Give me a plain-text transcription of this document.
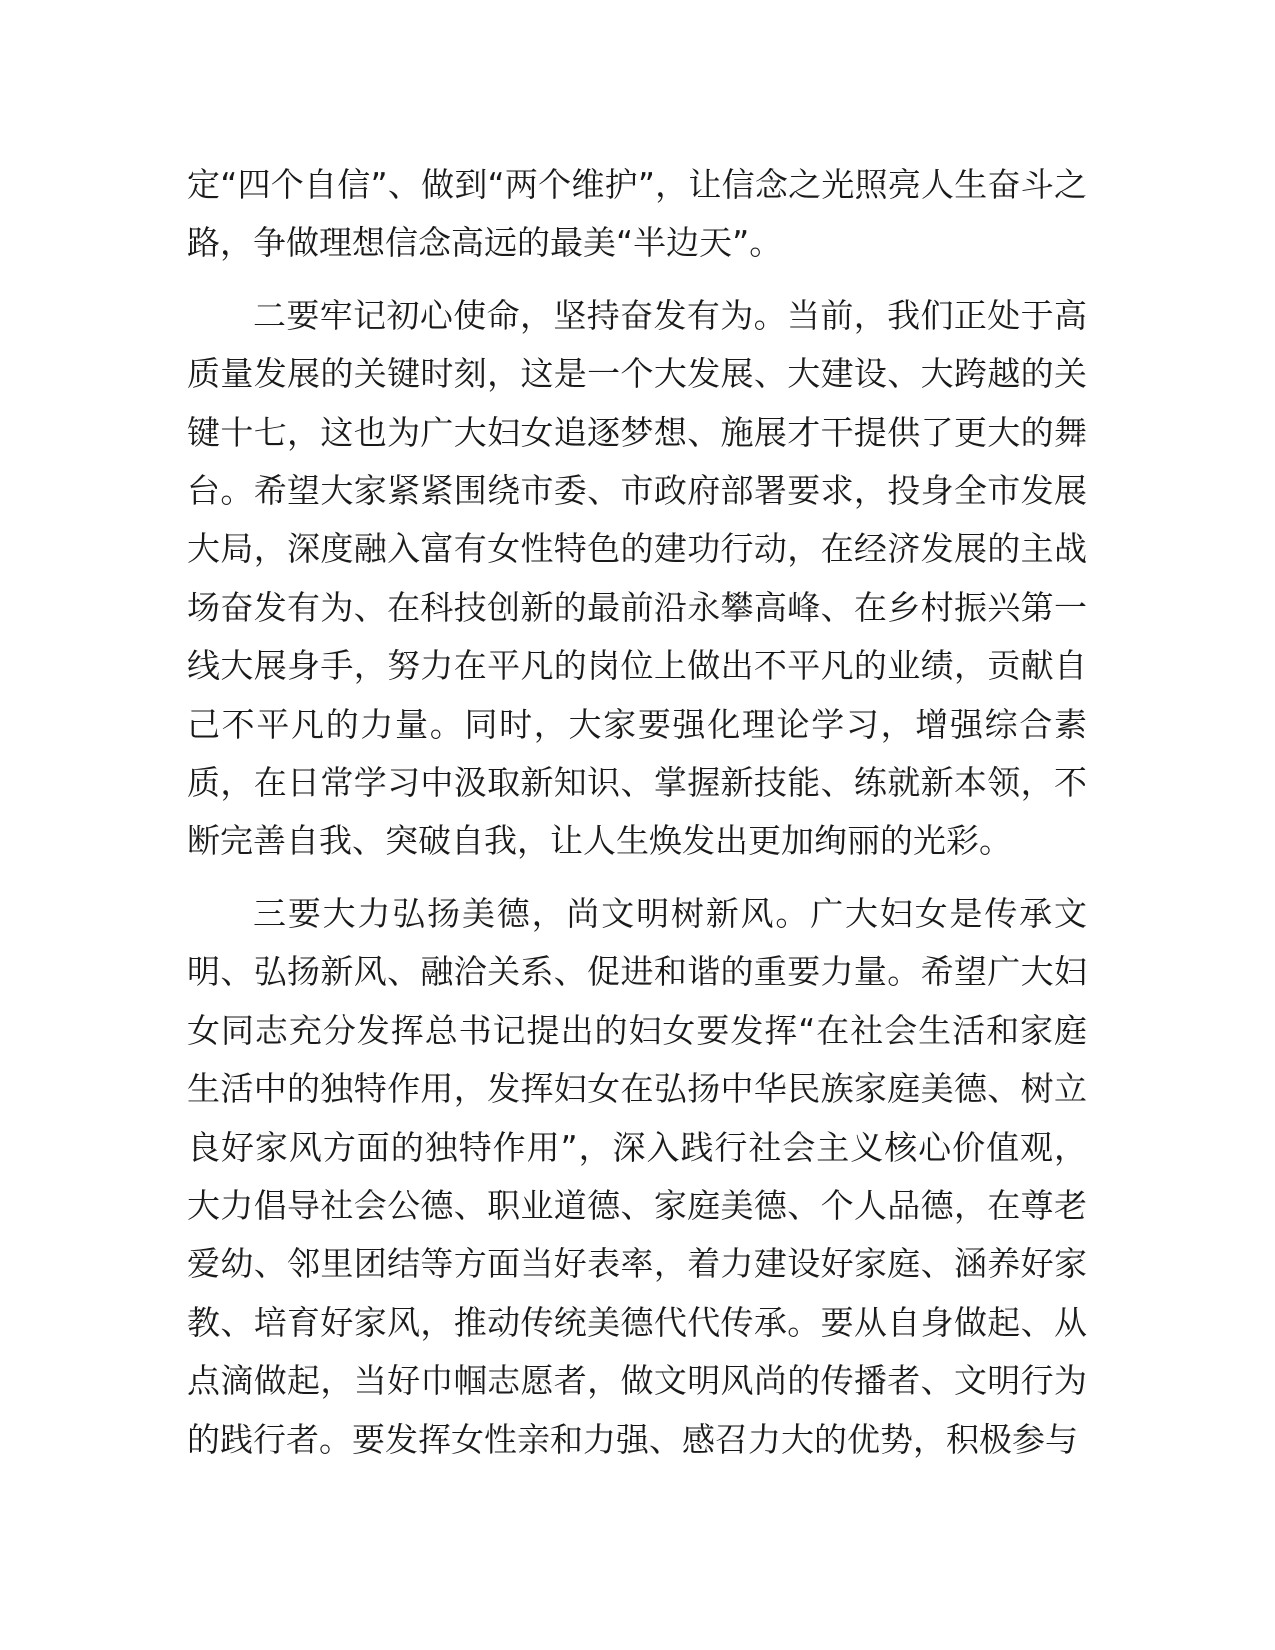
定“四个自信”、做到“两个维护”，让信念之光照亮人生奋斗之路，争做理想信念高远的最美“半边天”。

二要牢记初心使命，坚持奋发有为。当前，我们正处于高质量发展的关键时刻，这是一个大发展、大建设、大跨越的关键十七，这也为广大妇女追逐梦想、施展才干提供了更大的舞台。希望大家紧紧围绕市委、市政府部署要求，投身全市发展大局，深度融入富有女性特色的建功行动，在经济发展的主战场奋发有为、在科技创新的最前沿永攀高峰、在乡村振兴第一线大展身手，努力在平凡的岗位上做出不平凡的业绩，贡献自己不平凡的力量。同时，大家要强化理论学习，增强综合素质，在日常学习中汲取新知识、掌握新技能、练就新本领，不断完善自我、突破自我，让人生焕发出更加绚丽的光彩。

三要大力弘扬美德，尚文明树新风。广大妇女是传承文明、弘扬新风、融洽关系、促进和谐的重要力量。希望广大妇女同志充分发挥总书记提出的妇女要发挥“在社会生活和家庭生活中的独特作用，发挥妇女在弘扬中华民族家庭美德、树立良好家风方面的独特作用”，深入践行社会主义核心价值观，大力倡导社会公德、职业道德、家庭美德、个人品德，在尊老爱幼、邻里团结等方面当好表率，着力建设好家庭、涵养好家教、培育好家风，推动传统美德代代传承。要从自身做起、从点滴做起，当好巾帼志愿者，做文明风尚的传播者、文明行为的践行者。要发挥女性亲和力强、感召力大的优势，积极参与
